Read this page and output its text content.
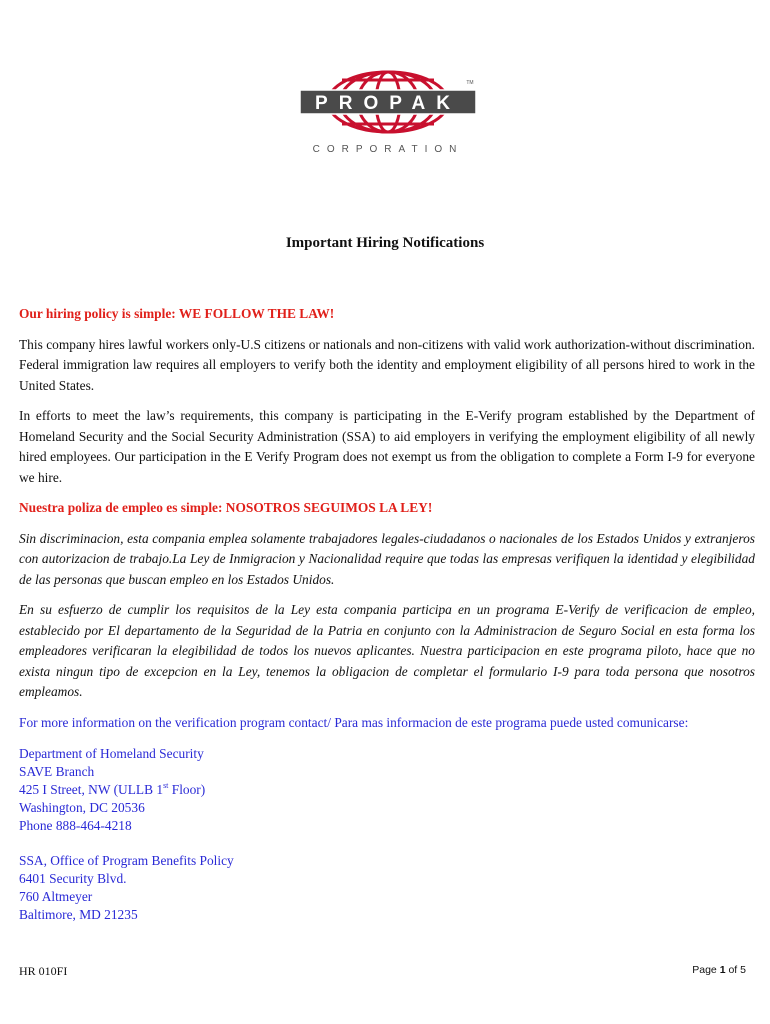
PROPAK
TM
CORPORATION
Important Hiring Notifications

Our hiring policy is simple: WE FOLLOW THE LAW!

This company hires lawful workers only-U.S citizens or nationals and non-citizens with valid work authorization-without discrimination. Federal immigration law requires all employers to verify both the identity and employment eligibility of all persons hired to work in the United States.

In efforts to meet the law’s requirements, this company is participating in the E-Verify program established by the Department of Homeland Security and the Social Security Administration (SSA) to aid employers in verifying the employment eligibility of all newly hired employees. Our participation in the E Verify Program does not exempt us from the obligation to complete a Form I-9 for everyone we hire.

Nuestra poliza de empleo es simple: NOSOTROS SEGUIMOS LA LEY!

Sin discriminacion, esta compania emplea solamente trabajadores legales-ciudadanos o nacionales de los Estados Unidos y extranjeros con autorizacion de trabajo.La Ley de Inmigracion y Nacionalidad require que todas las empresas verifiquen la identidad y elegibilidad de las personas que buscan empleo en los Estados Unidos.

En su esfuerzo de cumplir los requisitos de la Ley esta compania participa en un programa E-Verify de verificacion de empleo, establecido por El departamento de la Seguridad de la Patria en conjunto con la Administracion de Seguro Social en esta forma los empleadores verificaran la elegibilidad de todos los nuevos aplicantes. Nuestra participacion en este programa piloto, hace que no exista ningun tipo de excepcion en la Ley, tenemos la obligacion de completar el formulario I-9 para toda persona que nosotros empleamos.

For more information on the verification program contact/ Para mas informacion de este programa puede usted comunicarse:

Department of Homeland Security
SAVE Branch
425 I Street, NW (ULLB 1st Floor)
Washington, DC 20536
Phone 888-464-4218
SSA, Office of Program Benefits Policy
6401 Security Blvd.
760 Altmeyer
Baltimore, MD 21235
HR 010FI	Page 1 of 5
